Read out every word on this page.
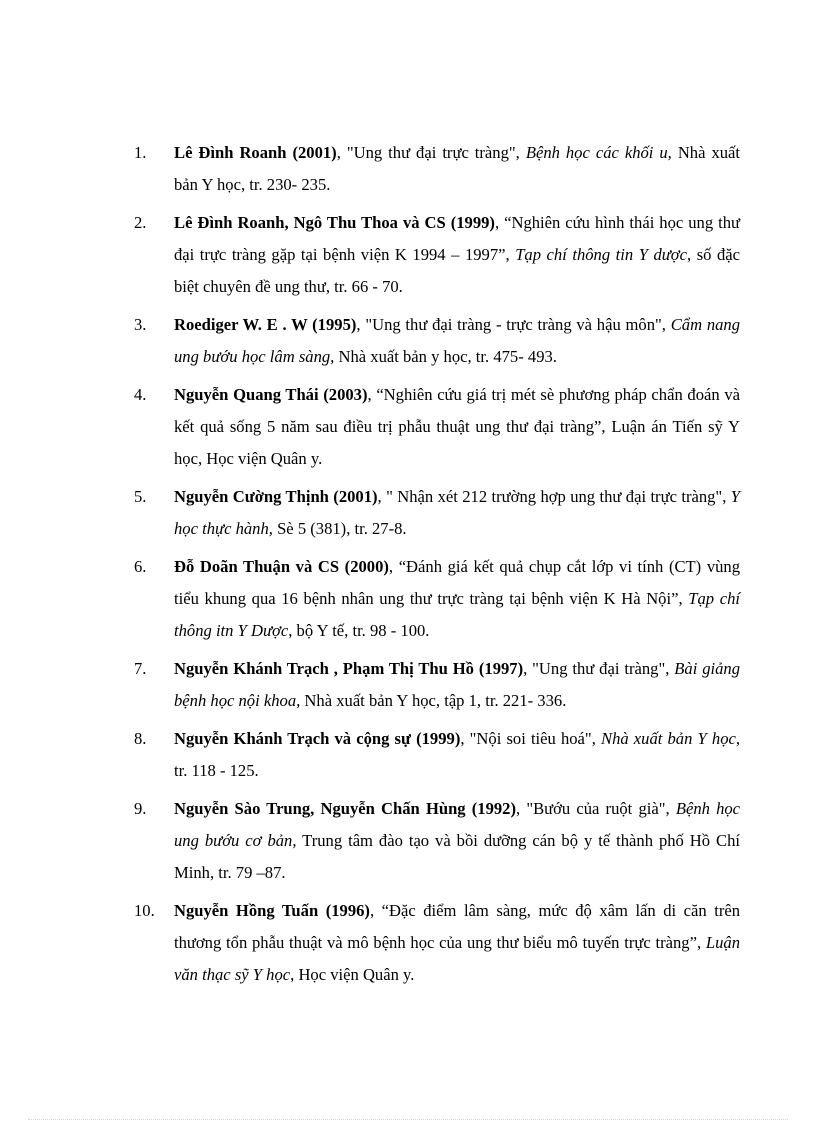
1. Lê Đình Roanh (2001), "Ung thư đại trực tràng", Bệnh học các khối u, Nhà xuất bản Y học, tr. 230- 235.
2. Lê Đình Roanh, Ngô Thu Thoa và CS (1999), “Nghiên cứu hình thái học ung thư đại trực tràng gặp tại bệnh viện K 1994 – 1997”, Tạp chí thông tin Y dược, số đặc biệt chuyên đề ung thư, tr. 66 - 70.
3. Roediger W. E . W (1995), "Ung thư đại tràng - trực tràng và hậu môn", Cẩm nang ung bướu học lâm sàng, Nhà xuất bản y học, tr. 475- 493.
4. Nguyễn Quang Thái (2003), “Nghiên cứu giá trị mét sè phương pháp chẩn đoán và kết quả sống 5 năm sau điều trị phẫu thuật ung thư đại tràng”, Luận án Tiến sỹ Y học, Học viện Quân y.
5. Nguyễn Cường Thịnh (2001), " Nhận xét 212 trường hợp ung thư đại trực tràng", Y học thực hành, Sè 5 (381), tr. 27-8.
6. Đỗ Doãn Thuận và CS (2000), “Đánh giá kết quả chụp cắt lớp vi tính (CT) vùng tiểu khung qua 16 bệnh nhân ung thư trực tràng tại bệnh viện K Hà Nội”, Tạp chí thông itn Y Dược, bộ Y tế, tr. 98 - 100.
7. Nguyễn Khánh Trạch , Phạm Thị Thu Hồ (1997), "Ung thư đại tràng", Bài giảng bệnh học nội khoa, Nhà xuất bản Y học, tập 1, tr. 221- 336.
8. Nguyễn Khánh Trạch và cộng sự (1999), "Nội soi tiêu hoá", Nhà xuất bản Y học, tr. 118 - 125.
9. Nguyễn Sào Trung, Nguyễn Chấn Hùng (1992), "Bướu của ruột già", Bệnh học ung bướu cơ bản, Trung tâm đào tạo và bồi dưỡng cán bộ y tế thành phố Hồ Chí Minh, tr. 79 –87.
10. Nguyễn Hồng Tuấn (1996), “Đặc điểm lâm sàng, mức độ xâm lấn di căn trên thương tổn phẫu thuật và mô bệnh học của ung thư biểu mô tuyến trực tràng”, Luận văn thạc sỹ Y học, Học viện Quân y.
